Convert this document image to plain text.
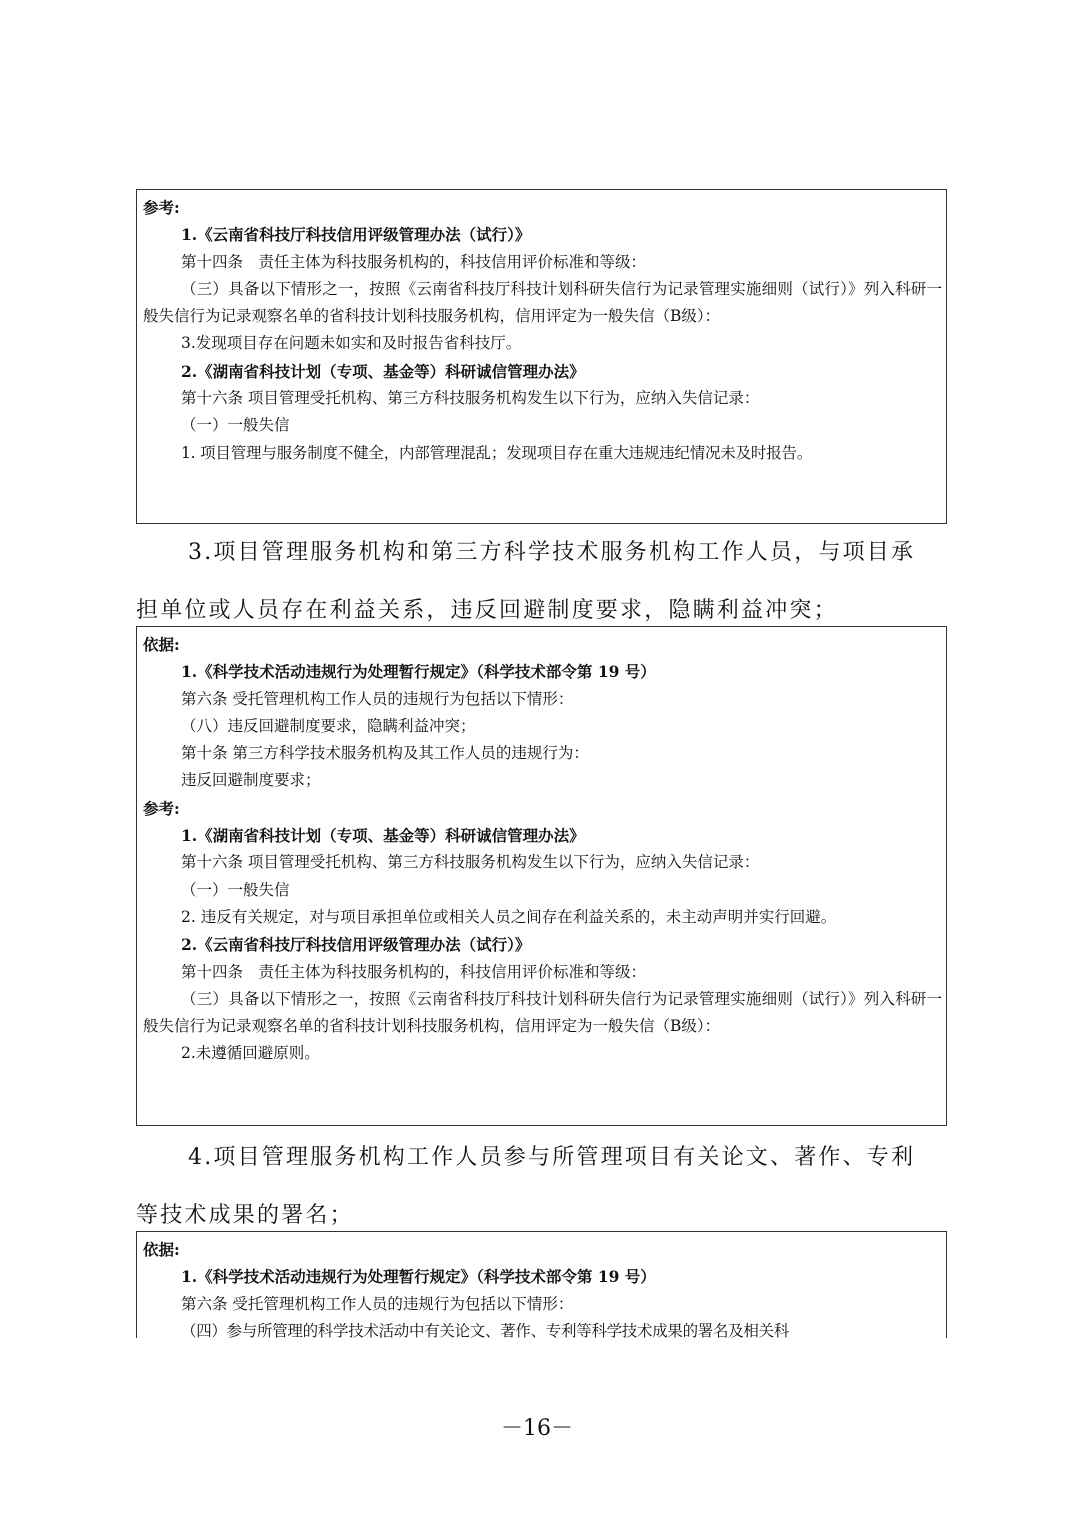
参考:
1.《云南省科技厅科技信用评级管理办法（试行）》
第十四条　责任主体为科技服务机构的，科技信用评价标准和等级：
（三）具备以下情形之一，按照《云南省科技厅科技计划科研失信行为记录管理实施细则（试行）》列入科研一般失信行为记录观察名单的省科技计划科技服务机构，信用评定为一般失信（B级）：
3.发现项目存在问题未如实和及时报告省科技厅。
2.《湖南省科技计划（专项、基金等）科研诚信管理办法》
第十六条 项目管理受托机构、第三方科技服务机构发生以下行为，应纳入失信记录：
（一）一般失信
1. 项目管理与服务制度不健全，内部管理混乱；发现项目存在重大违规违纪情况未及时报告。
3.项目管理服务机构和第三方科学技术服务机构工作人员，与项目承
担单位或人员存在利益关系，违反回避制度要求，隐瞒利益冲突；
依据:
1.《科学技术活动违规行为处理暂行规定》（科学技术部令第 19 号）
第六条 受托管理机构工作人员的违规行为包括以下情形：
（八）违反回避制度要求，隐瞒利益冲突；
第十条 第三方科学技术服务机构及其工作人员的违规行为：
违反回避制度要求；
参考:
1.《湖南省科技计划（专项、基金等）科研诚信管理办法》
第十六条 项目管理受托机构、第三方科技服务机构发生以下行为，应纳入失信记录：
（一）一般失信
2. 违反有关规定，对与项目承担单位或相关人员之间存在利益关系的，未主动声明并实行回避。
2.《云南省科技厅科技信用评级管理办法（试行）》
第十四条　责任主体为科技服务机构的，科技信用评价标准和等级：
（三）具备以下情形之一，按照《云南省科技厅科技计划科研失信行为记录管理实施细则（试行）》列入科研一般失信行为记录观察名单的省科技计划科技服务机构，信用评定为一般失信（B级）：
2.未遵循回避原则。
4.项目管理服务机构工作人员参与所管理项目有关论文、著作、专利
等技术成果的署名；
依据:
1.《科学技术活动违规行为处理暂行规定》（科学技术部令第 19 号）
第六条 受托管理机构工作人员的违规行为包括以下情形：
（四）参与所管理的科学技术活动中有关论文、著作、专利等科学技术成果的署名及相关科
－16－
